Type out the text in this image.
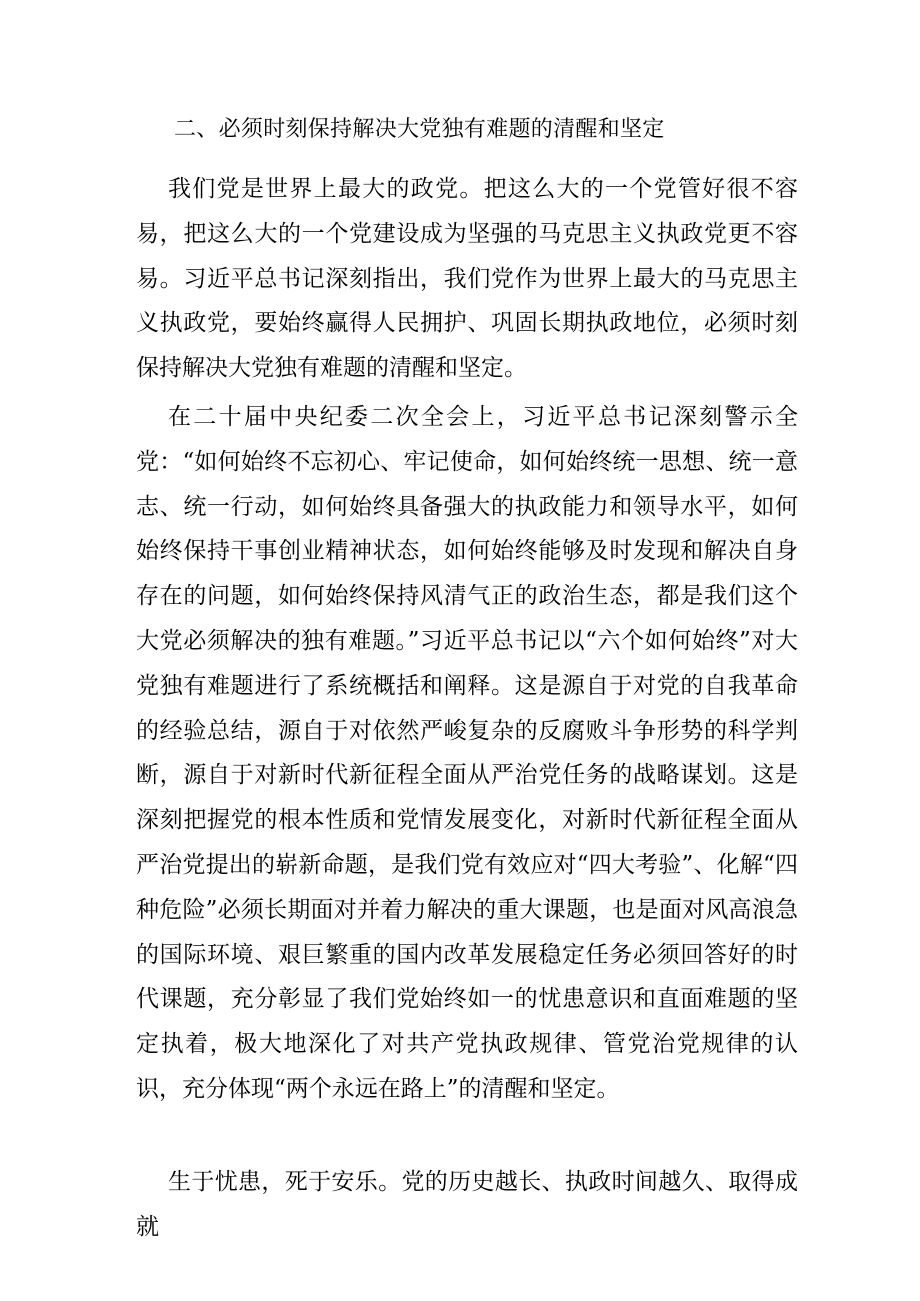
二、必须时刻保持解决大党独有难题的清醒和坚定

我们党是世界上最大的政党。把这么大的一个党管好很不容易，把这么大的一个党建设成为坚强的马克思主义执政党更不容易。习近平总书记深刻指出，我们党作为世界上最大的马克思主义执政党，要始终赢得人民拥护、巩固长期执政地位，必须时刻保持解决大党独有难题的清醒和坚定。

在二十届中央纪委二次全会上，习近平总书记深刻警示全党：“如何始终不忘初心、牢记使命，如何始终统一思想、统一意志、统一行动，如何始终具备强大的执政能力和领导水平，如何始终保持干事创业精神状态，如何始终能够及时发现和解决自身存在的问题，如何始终保持风清气正的政治生态，都是我们这个大党必须解决的独有难题。”习近平总书记以“六个如何始终”对大党独有难题进行了系统概括和阐释。这是源自于对党的自我革命的经验总结，源自于对依然严峻复杂的反腐败斗争形势的科学判断，源自于对新时代新征程全面从严治党任务的战略谋划。这是深刻把握党的根本性质和党情发展变化，对新时代新征程全面从严治党提出的崭新命题，是我们党有效应对“四大考验”、化解“四种危险”必须长期面对并着力解决的重大课题，也是面对风高浪急的国际环境、艰巨繁重的国内改革发展稳定任务必须回答好的时代课题，充分彰显了我们党始终如一的忧患意识和直面难题的坚定执着，极大地深化了对共产党执政规律、管党治党规律的认识，充分体现“两个永远在路上”的清醒和坚定。

生于忧患，死于安乐。党的历史越长、执政时间越久、取得成就
